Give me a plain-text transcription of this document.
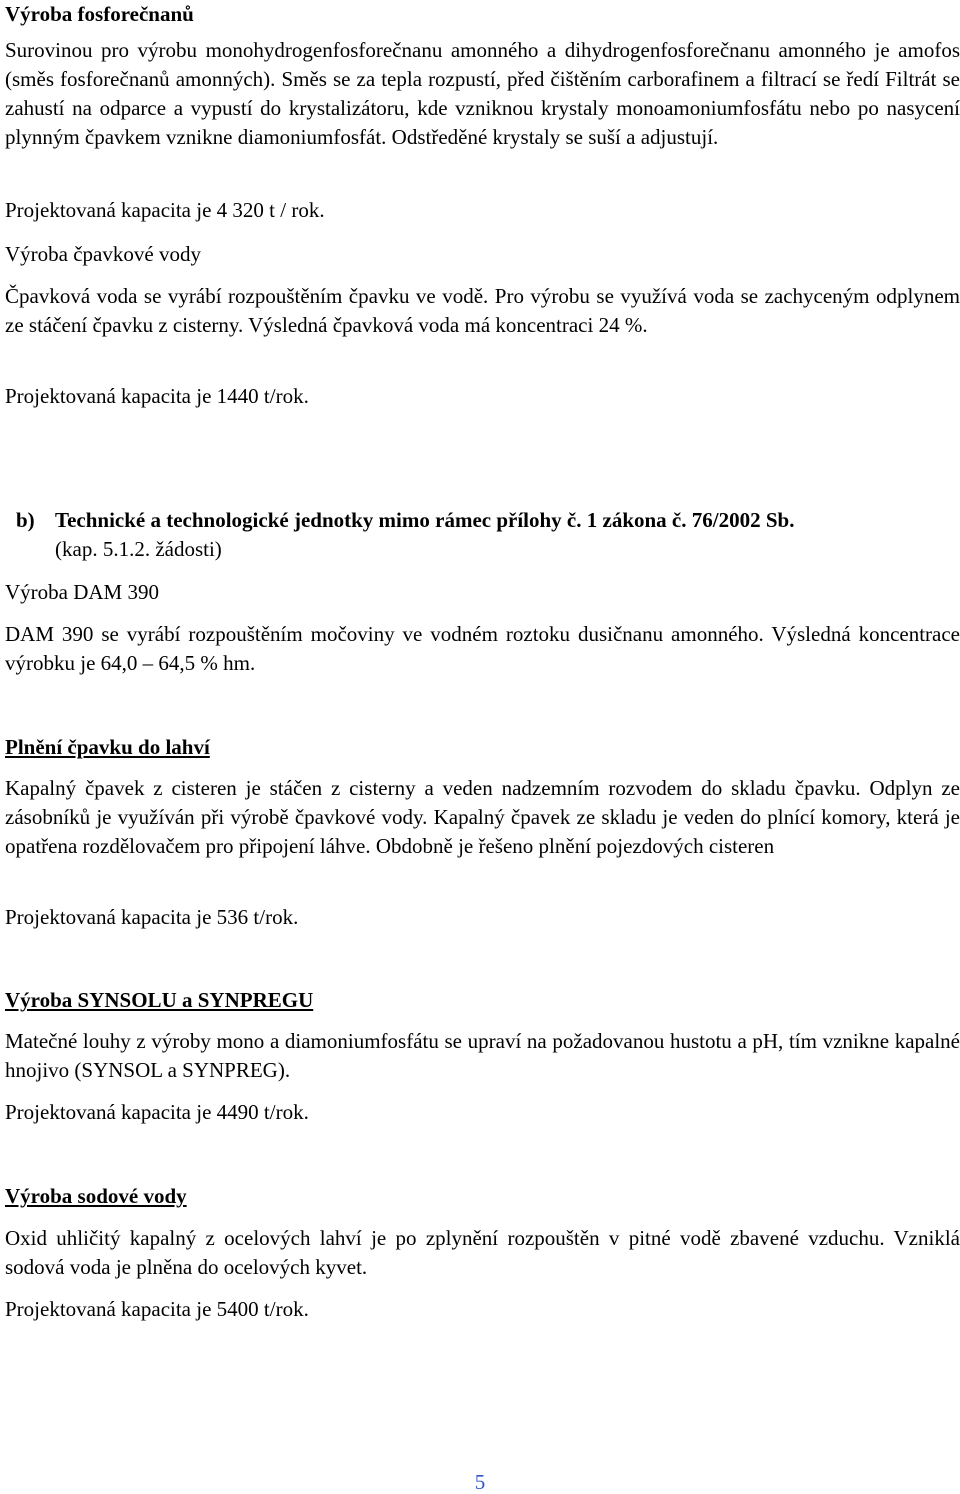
Výroba fosforečnanů

Surovinou pro výrobu monohydrogenfosforečnanu amonného a dihydrogenfosforečnanu amonného je amofos (směs fosforečnanů amonných). Směs se za tepla rozpustí, před čištěním carborafinem a filtrací se ředí Filtrát se zahustí na odparce a vypustí do krystalizátoru, kde vzniknou krystaly monoamoniumfosfátu nebo po nasycení plynným čpavkem vznikne diamoniumfosfát. Odstředěné krystaly se suší a adjustují.

Projektovaná kapacita je 4 320 t / rok.

Výroba čpavkové vody

Čpavková voda se vyrábí rozpouštěním čpavku ve vodě. Pro výrobu se využívá voda se zachyceným odplynem ze stáčení čpavku z cisterny. Výsledná čpavková voda má koncentraci 24 %.

Projektovaná kapacita je 1440 t/rok.

b) Technické a technologické jednotky mimo rámec přílohy č. 1 zákona č. 76/2002 Sb.
(kap. 5.1.2. žádosti)

Výroba DAM 390

DAM 390 se vyrábí rozpouštěním močoviny ve vodném roztoku dusičnanu amonného. Výsledná koncentrace výrobku je 64,0 – 64,5 % hm.

Plnění čpavku do lahví

Kapalný čpavek z cisteren je stáčen z cisterny a veden nadzemním rozvodem do skladu čpavku. Odplyn ze zásobníků je využíván při výrobě čpavkové vody. Kapalný čpavek ze skladu je veden do plnící komory, která je opatřena rozdělovačem pro připojení láhve. Obdobně je řešeno plnění pojezdových cisteren

Projektovaná kapacita je 536 t/rok.

Výroba SYNSOLU a SYNPREGU

Matečné louhy z výroby mono a diamoniumfosfátu se upraví na požadovanou hustotu a pH, tím vznikne kapalné hnojivo (SYNSOL a SYNPREG).

Projektovaná kapacita je 4490 t/rok.

Výroba sodové vody

Oxid uhličitý kapalný z ocelových lahví je po zplynění rozpouštěn v pitné vodě zbavené vzduchu. Vzniklá sodová voda je plněna do ocelových kyvet.

Projektovaná kapacita je 5400 t/rok.

5
